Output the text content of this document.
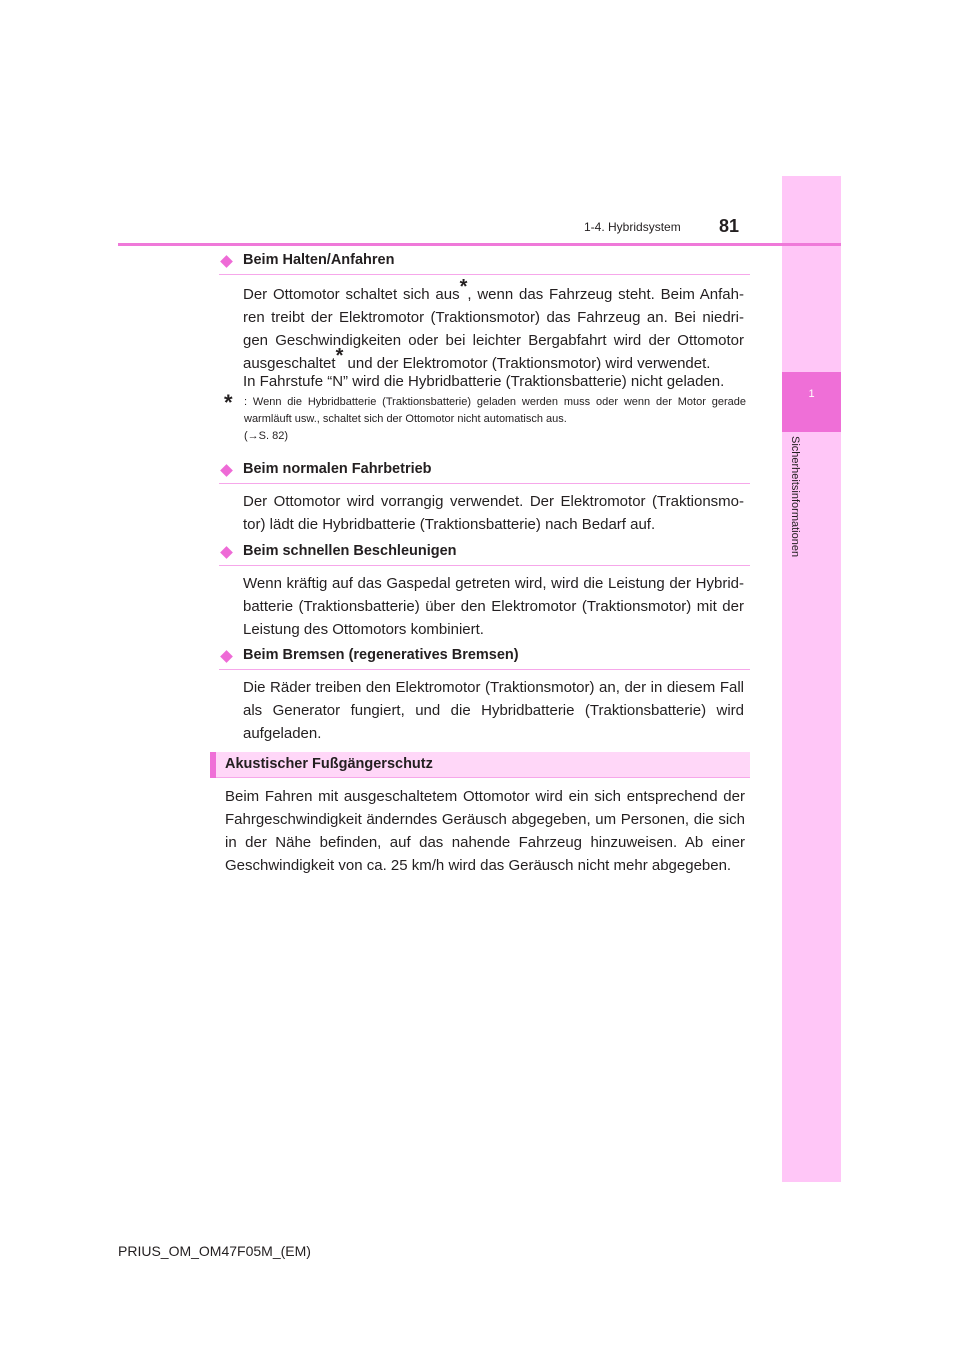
1
Sicherheitsinformationen
1-4. Hybridsystem 81
Beim Halten/Anfahren

Der Ottomotor schaltet sich aus*, wenn das Fahrzeug steht. Beim Anfah-ren treibt der Elektromotor (Traktionsmotor) das Fahrzeug an. Bei niedri-gen Geschwindigkeiten oder bei leichter Bergabfahrt wird der Ottomotor ausgeschaltet* und der Elektromotor (Traktionsmotor) wird verwendet.

In Fahrstufe “N” wird die Hybridbatterie (Traktionsbatterie) nicht geladen.

* : Wenn die Hybridbatterie (Traktionsbatterie) geladen werden muss oder wenn der Motor gerade warmläuft usw., schaltet sich der Ottomotor nicht automatisch aus.
(→S. 82)
Beim normalen Fahrbetrieb

Der Ottomotor wird vorrangig verwendet. Der Elektromotor (Traktionsmo-tor) lädt die Hybridbatterie (Traktionsbatterie) nach Bedarf auf.

Beim schnellen Beschleunigen

Wenn kräftig auf das Gaspedal getreten wird, wird die Leistung der Hybrid-batterie (Traktionsbatterie) über den Elektromotor (Traktionsmotor) mit der Leistung des Ottomotors kombiniert.

Beim Bremsen (regeneratives Bremsen)

Die Räder treiben den Elektromotor (Traktionsmotor) an, der in diesem Fall als Generator fungiert, und die Hybridbatterie (Traktionsbatterie) wird aufgeladen.

Akustischer Fußgängerschutz

Beim Fahren mit ausgeschaltetem Ottomotor wird ein sich entsprechend der Fahrgeschwindigkeit änderndes Geräusch abgegeben, um Personen, die sich in der Nähe befinden, auf das nahende Fahrzeug hinzuweisen. Ab einer Geschwindigkeit von ca. 25 km/h wird das Geräusch nicht mehr abgegeben.

PRIUS_OM_OM47F05M_(EM)
